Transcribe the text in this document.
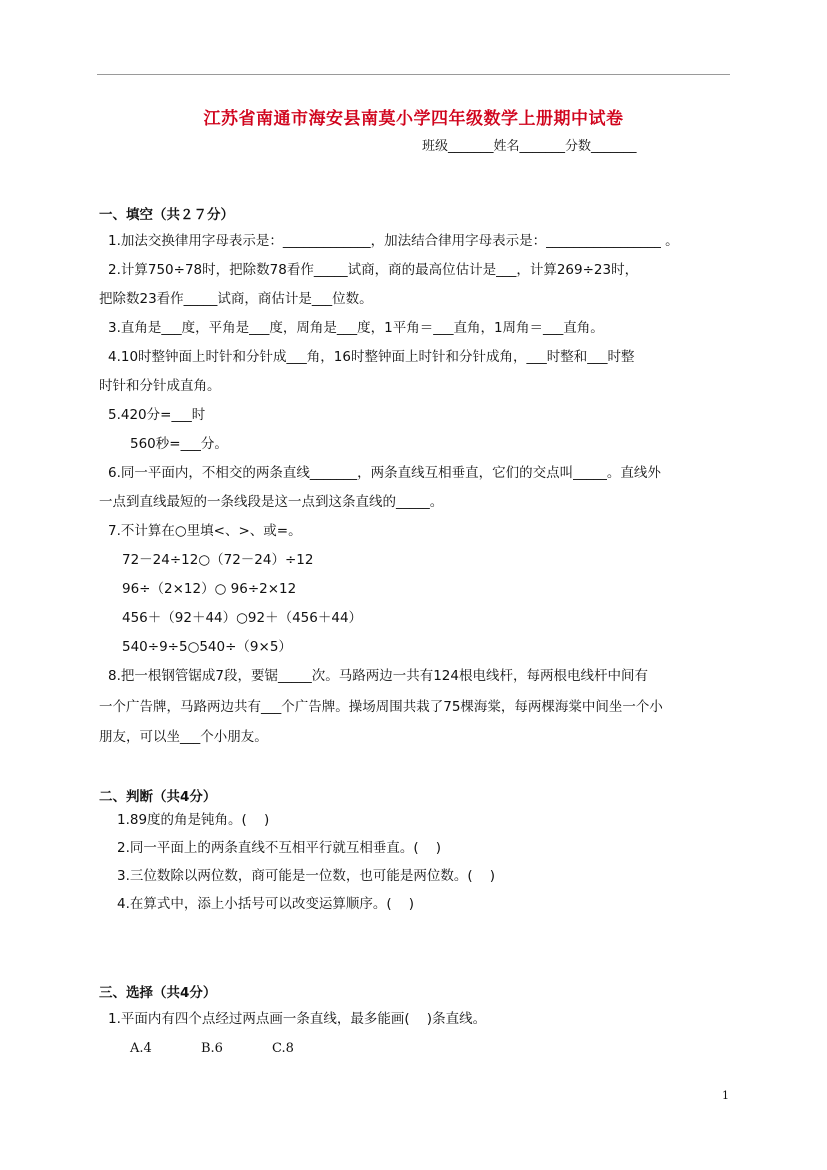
江苏省南通市海安县南莫小学四年级数学上册期中试卷
班级_______姓名_______分数_______
一、填空（共２７分）
1.加法交换律用字母表示是：_____________，加法结合律用字母表示是：_________________ 。
2.计算750÷78时，把除数78看作_____试商，商的最高位估计是___，计算269÷23时，
把除数23看作_____试商，商估计是___位数。
3.直角是___度，平角是___度，周角是___度，1平角＝___直角，1周角＝___直角。
4.10时整钟面上时针和分针成___角，16时整钟面上时针和分针成角，___时整和___时整
时针和分针成直角。
5.420分=___时
560秒=___分。
6.同一平面内，不相交的两条直线_______，两条直线互相垂直，它们的交点叫_____。直线外
一点到直线最短的一条线段是这一点到这条直线的_____。
7.不计算在○里填<、>、或=。
72－24÷12○（72－24）÷12
96÷（2×12）○ 96÷2×12
456＋（92＋44）○92＋（456＋44）
540÷9÷5○540÷（9×5）
8.把一根钢管锯成7段，要锯_____次。马路两边一共有124根电线杆，每两根电线杆中间有
一个广告牌，马路两边共有___个广告牌。操场周围共栽了75棵海棠，每两棵海棠中间坐一个小
朋友，可以坐___个小朋友。
二、判断（共4分）
1.89度的角是钝角。(    )
2.同一平面上的两条直线不互相平行就互相垂直。(    )
3.三位数除以两位数，商可能是一位数，也可能是两位数。(    )
4.在算式中，添上小括号可以改变运算顺序。(    )
三、选择（共4分）
1.平面内有四个点经过两点画一条直线，最多能画(    )条直线。
A.4	B.6	C.8
1
